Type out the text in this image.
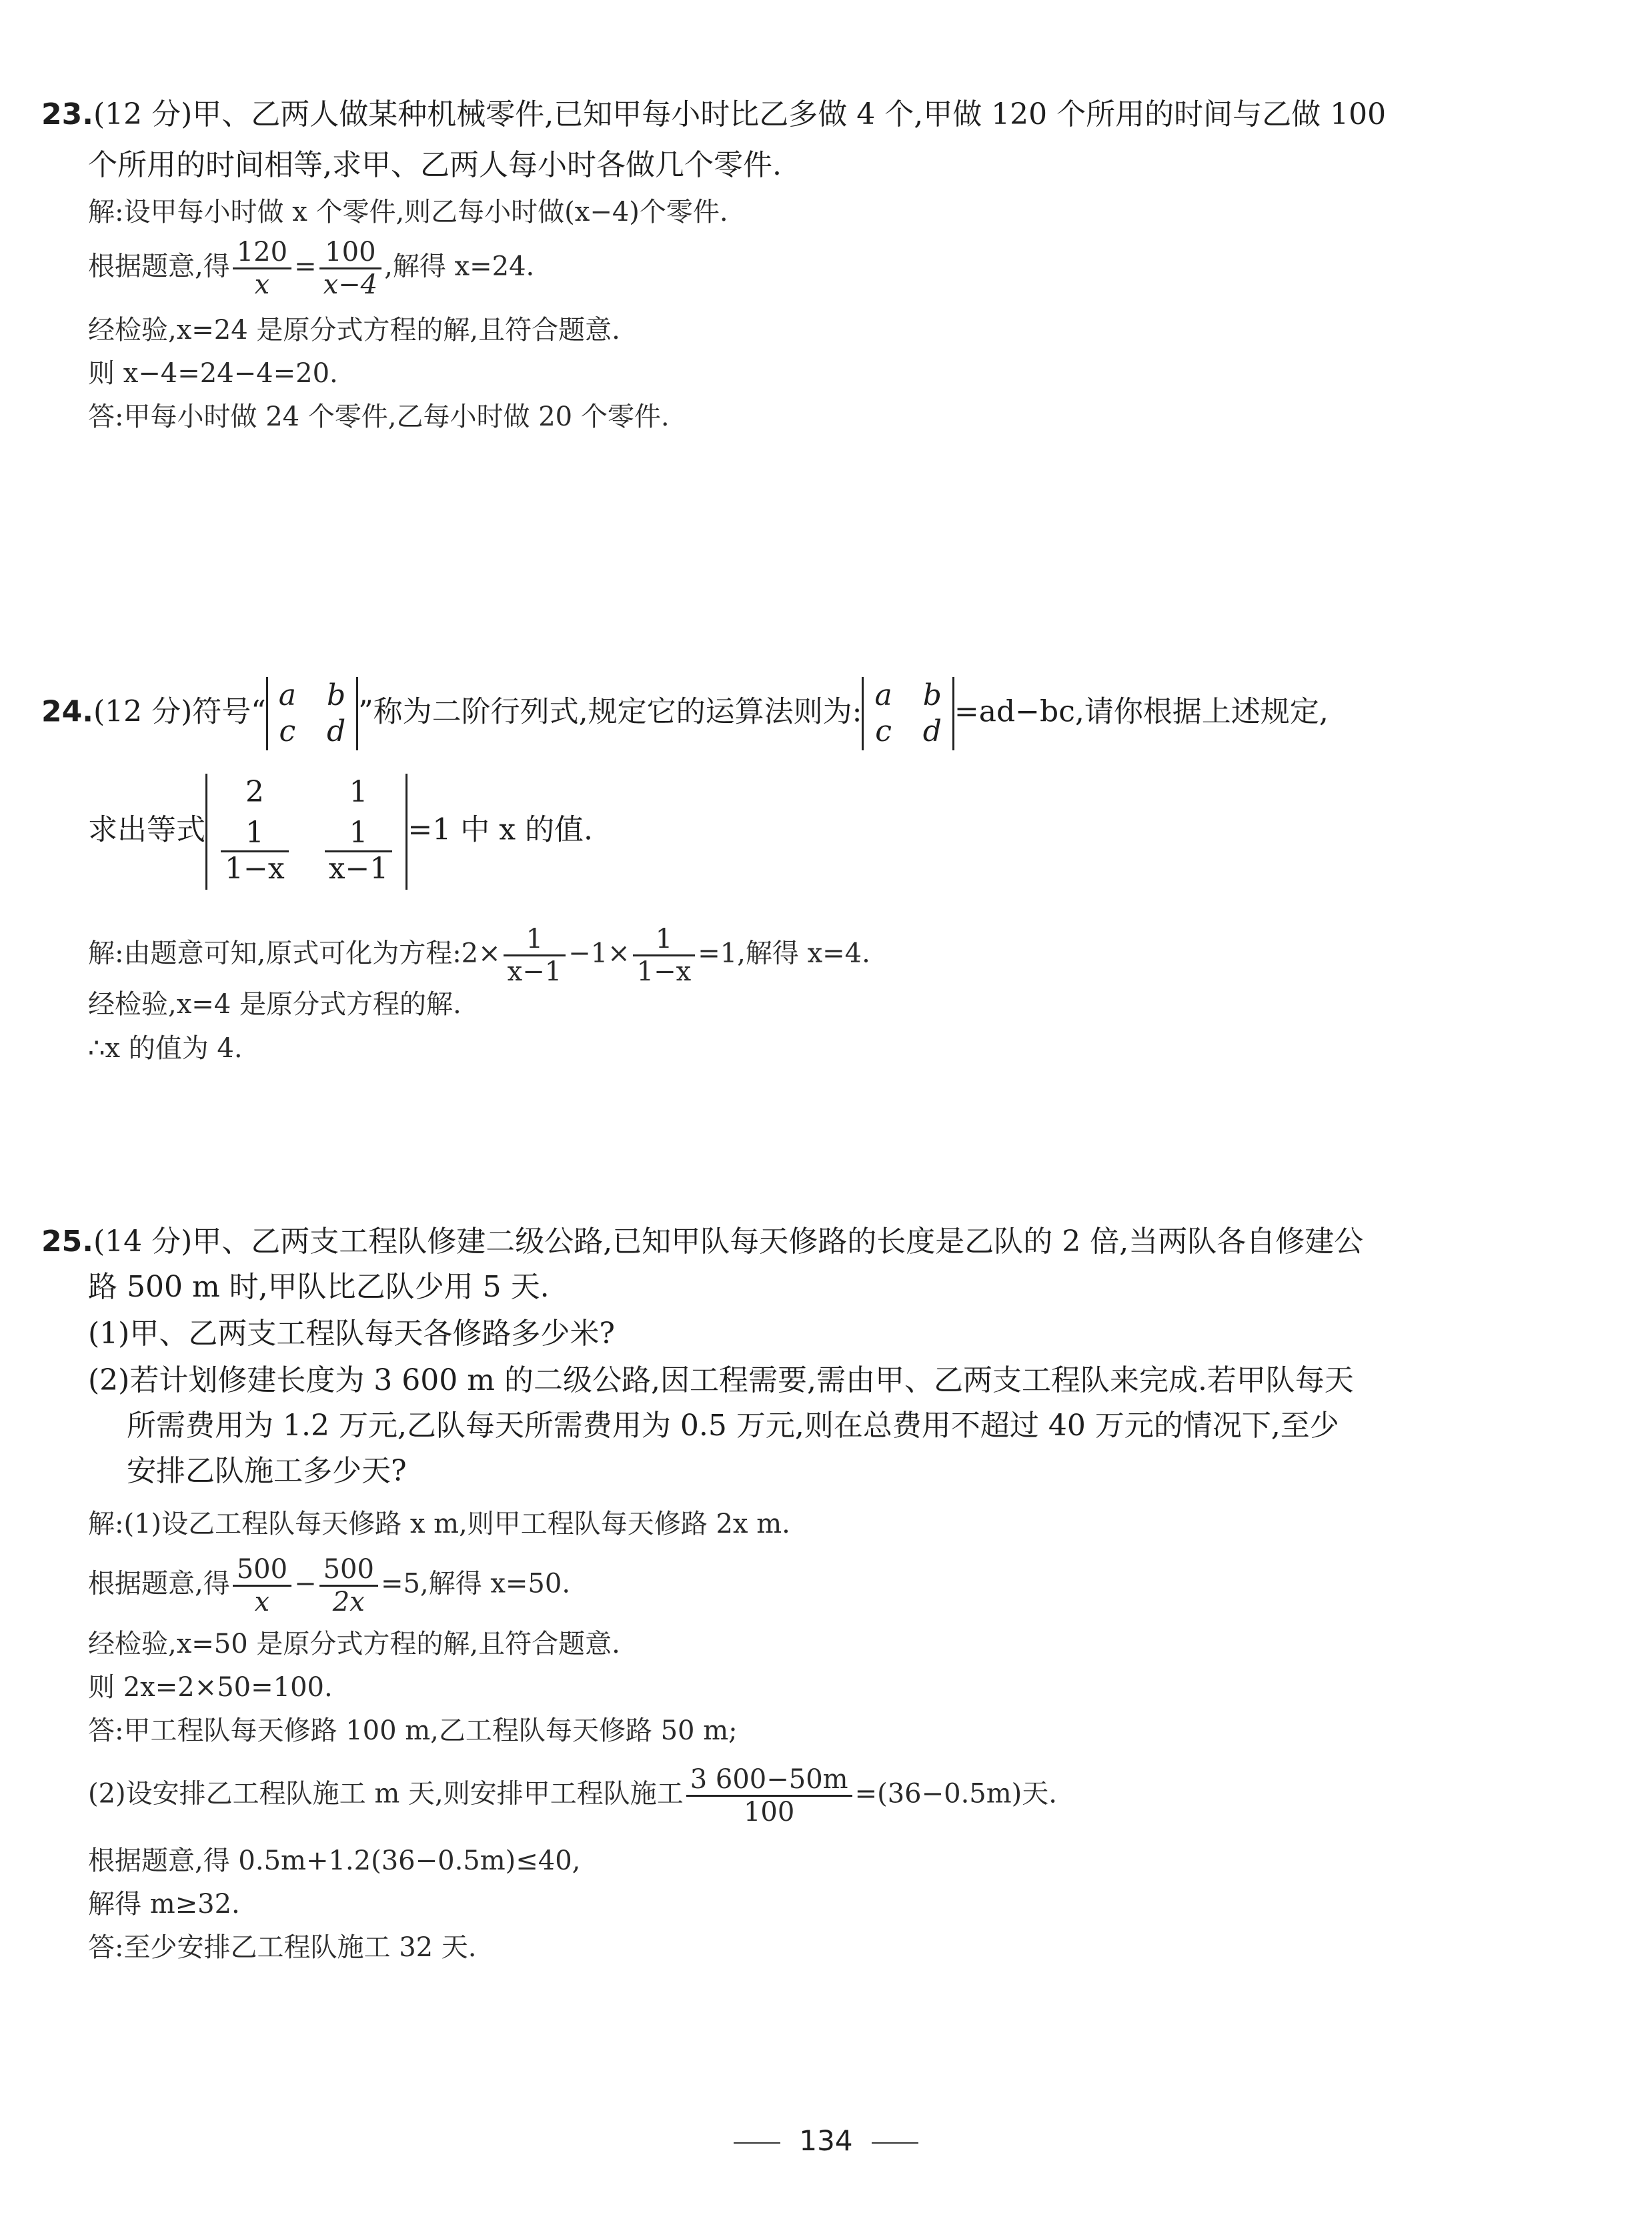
23.(12 分)甲、乙两人做某种机械零件,已知甲每小时比乙多做 4 个,甲做 120 个所用的时间与乙做 100
个所用的时间相等,求甲、乙两人每小时各做几个零件.
解:设甲每小时做 x 个零件,则乙每小时做(x−4)个零件.
根据题意,得 $\frac{120}{x} = \frac{100}{x-4}$ ,解得 x=24.
经检验,x=24 是原分式方程的解,且符合题意.
则 x−4=24−4=20.
答:甲每小时做 24 个零件,乙每小时做 20 个零件.
24.(12 分)符号“ a b
c d
”称为二阶行列式,规定它的运算法则为: a b
c d
=ad−bc,请你根据上述规定,
求出等式
2	1
$\frac{1}{1-x} \frac{1}{x-1} =1$ 中 x 的值.
解:由题意可知,原式可化为方程:2× $\frac{1}{x-1} -1\times \frac{1}{1-x} =1$,解得 x=4.
经检验,x=4 是原分式方程的解.
∴x 的值为 4.
25.(14 分)甲、乙两支工程队修建二级公路,已知甲队每天修路的长度是乙队的 2 倍,当两队各自修建公
路 500 m 时,甲队比乙队少用 5 天.
(1)甲、乙两支工程队每天各修路多少米?
(2)若计划修建长度为 3 600 m 的二级公路,因工程需要,需由甲、乙两支工程队来完成.若甲队每天
所需费用为 1.2 万元,乙队每天所需费用为 0.5 万元,则在总费用不超过 40 万元的情况下,至少
安排乙队施工多少天?
解:(1)设乙工程队每天修路 x m,则甲工程队每天修路 2x m.
根据题意,得 $\frac{500}{x} - \frac{500}{2x} =5$,解得 x=50.
经检验,x=50 是原分式方程的解,且符合题意.
则 2x=2×50=100.
答:甲工程队每天修路 100 m,乙工程队每天修路 50 m;
(2)设安排乙工程队施工 m 天,则安排甲工程队施工 $\frac{3 600-50m}{100} =(36-0.5m)$天.
根据题意,得 0.5m+1.2(36−0.5m)≤40,
解得 m≥32.
答:至少安排乙工程队施工 32 天.
134
